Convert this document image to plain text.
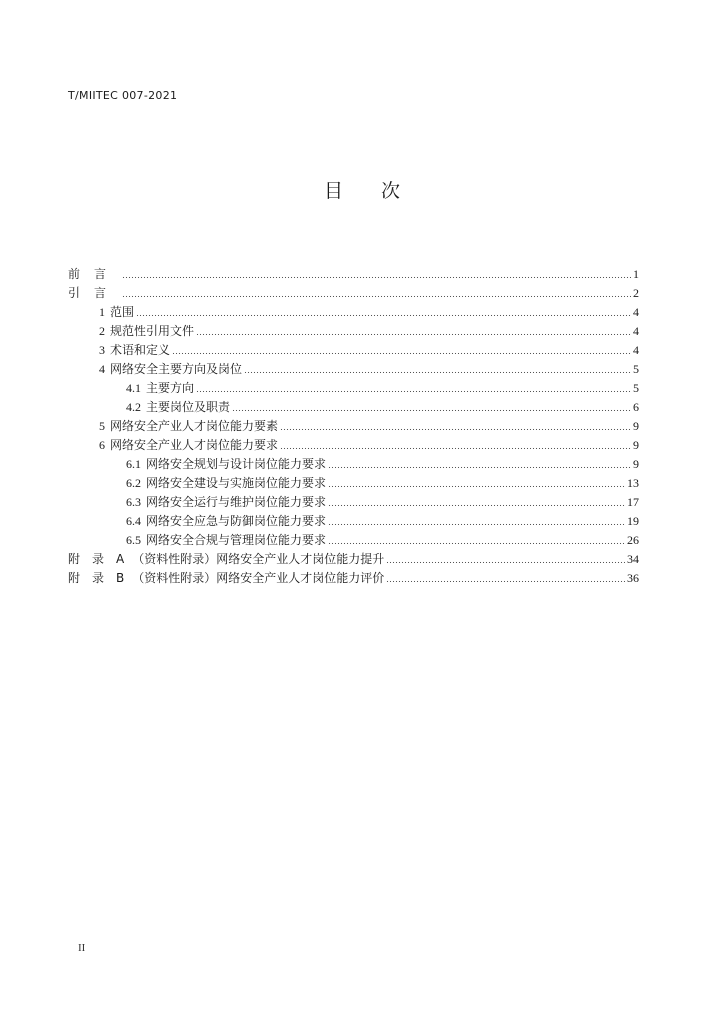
T/MIITEC 007-2021
目 次
前言	1
引言	2
1 范围	4
2 规范性引用文件	4
3 术语和定义	4
4 网络安全主要方向及岗位	5
4.1 主要方向	5
4.2 主要岗位及职责	6
5 网络安全产业人才岗位能力要素	9
6 网络安全产业人才岗位能力要求	9
6.1 网络安全规划与设计岗位能力要求	9
6.2 网络安全建设与实施岗位能力要求	13
6.3 网络安全运行与维护岗位能力要求	17
6.4 网络安全应急与防御岗位能力要求	19
6.5 网络安全合规与管理岗位能力要求	26
附录 A （资料性附录） 网络安全产业人才岗位能力提升	34
附录 B （资料性附录） 网络安全产业人才岗位能力评价	36
II
